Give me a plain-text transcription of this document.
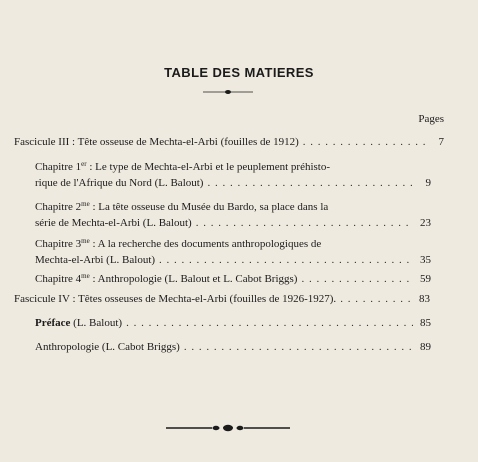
TABLE DES MATIERES
Pages
Fascicule III : Tête osseuse de Mechta-el-Arbi (fouilles de 1912) . . .	7
Chapitre 1er : Le type de Mechta-el-Arbi et le peuplement préhisto-
rique de l'Afrique du Nord (L. Balout) . . .	9
Chapitre $2^{me}$ : La tête osseuse du Musée du Bardo, sa place dans la
série de Mechta-el-Arbi (L. Balout) . . .	23
Chapitre $3^{me}$ : A la recherche des documents anthropologiques de
Mechta-el-Arbi (L. Balout) . . .	35
Chapitre $4^{me}$ : Anthropologie (L. Balout et L. Cabot Briggs) . . .	59
Fascicule IV : Têtes osseuses de Mechta-el-Arbi (fouilles de 1926-1927). . . .	83
Préface (L. Balout) . . .	85
Anthropologie (L. Cabot Briggs) . . .	89
